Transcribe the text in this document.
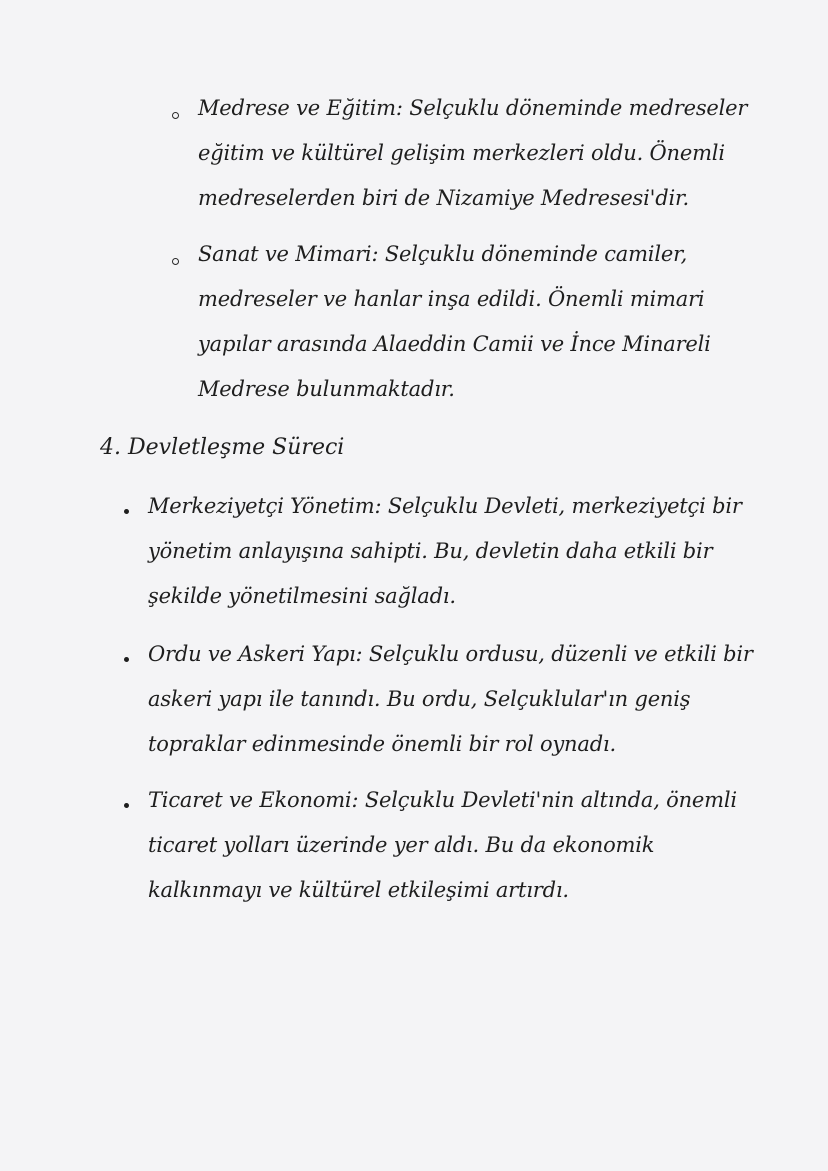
Medrese ve Eğitim: Selçuklu döneminde medreseler eğitim ve kültürel gelişim merkezleri oldu. Önemli medreselerden biri de Nizamiye Medresesi'dir.
Sanat ve Mimari: Selçuklu döneminde camiler, medreseler ve hanlar inşa edildi. Önemli mimari yapılar arasında Alaeddin Camii ve İnce Minareli Medrese bulunmaktadır.
4. Devletleşme Süreci
Merkeziyetçi Yönetim: Selçuklu Devleti, merkeziyetçi bir yönetim anlayışına sahipti. Bu, devletin daha etkili bir şekilde yönetilmesini sağladı.
Ordu ve Askeri Yapı: Selçuklu ordusu, düzenli ve etkili bir askeri yapı ile tanındı. Bu ordu, Selçuklular'ın geniş topraklar edinmesinde önemli bir rol oynadı.
Ticaret ve Ekonomi: Selçuklu Devleti'nin altında, önemli ticaret yolları üzerinde yer aldı. Bu da ekonomik kalkınmayı ve kültürel etkileşimi artırdı.
